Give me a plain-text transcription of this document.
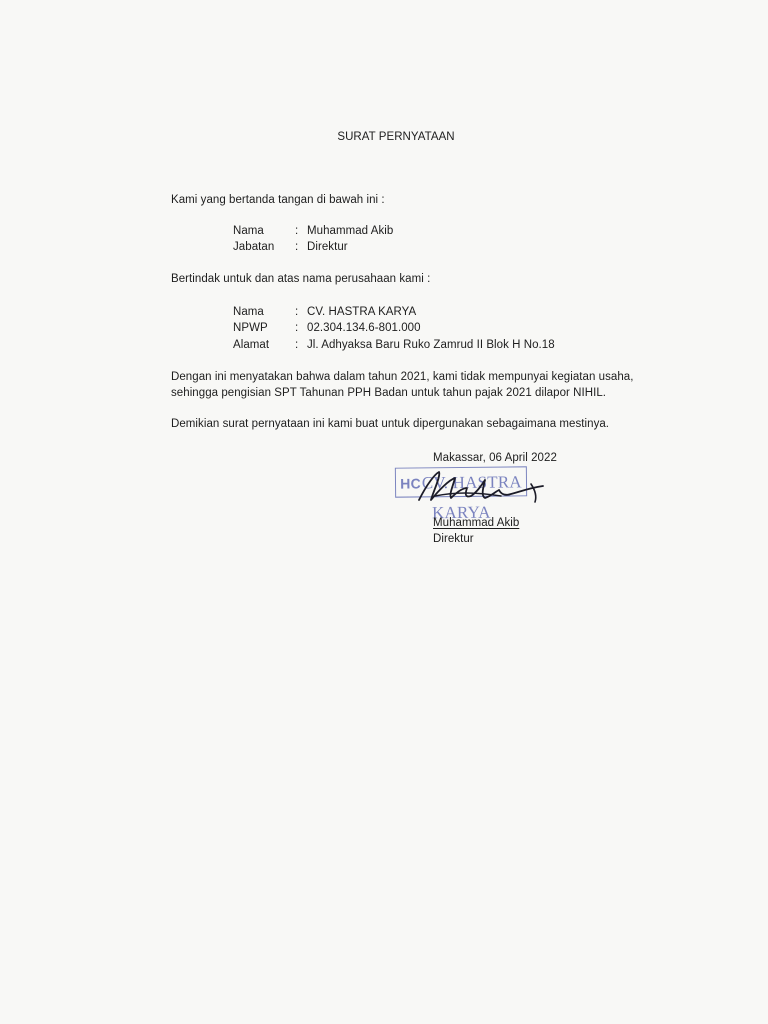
SURAT PERNYATAAN
Kami yang bertanda tangan di bawah ini :
Nama	: Muhammad Akib
Jabatan : Direktur
Bertindak untuk dan atas nama perusahaan kami :
Nama	: CV. HASTRA KARYA
NPWP : 02.304.134.6-801.000
Alamat : Jl. Adhyaksa Baru Ruko Zamrud II Blok H No.18
Dengan ini menyatakan bahwa dalam tahun 2021, kami tidak mempunyai kegiatan usaha,
sehingga pengisian SPT Tahunan PPH Badan untuk tahun pajak 2021 dilapor NIHIL.
Demikian surat pernyataan ini kami buat untuk dipergunakan sebagaimana mestinya.
Makassar, 06 April 2022
HCCV. HASTRA KARYA
Muhammad Akib
Direktur
